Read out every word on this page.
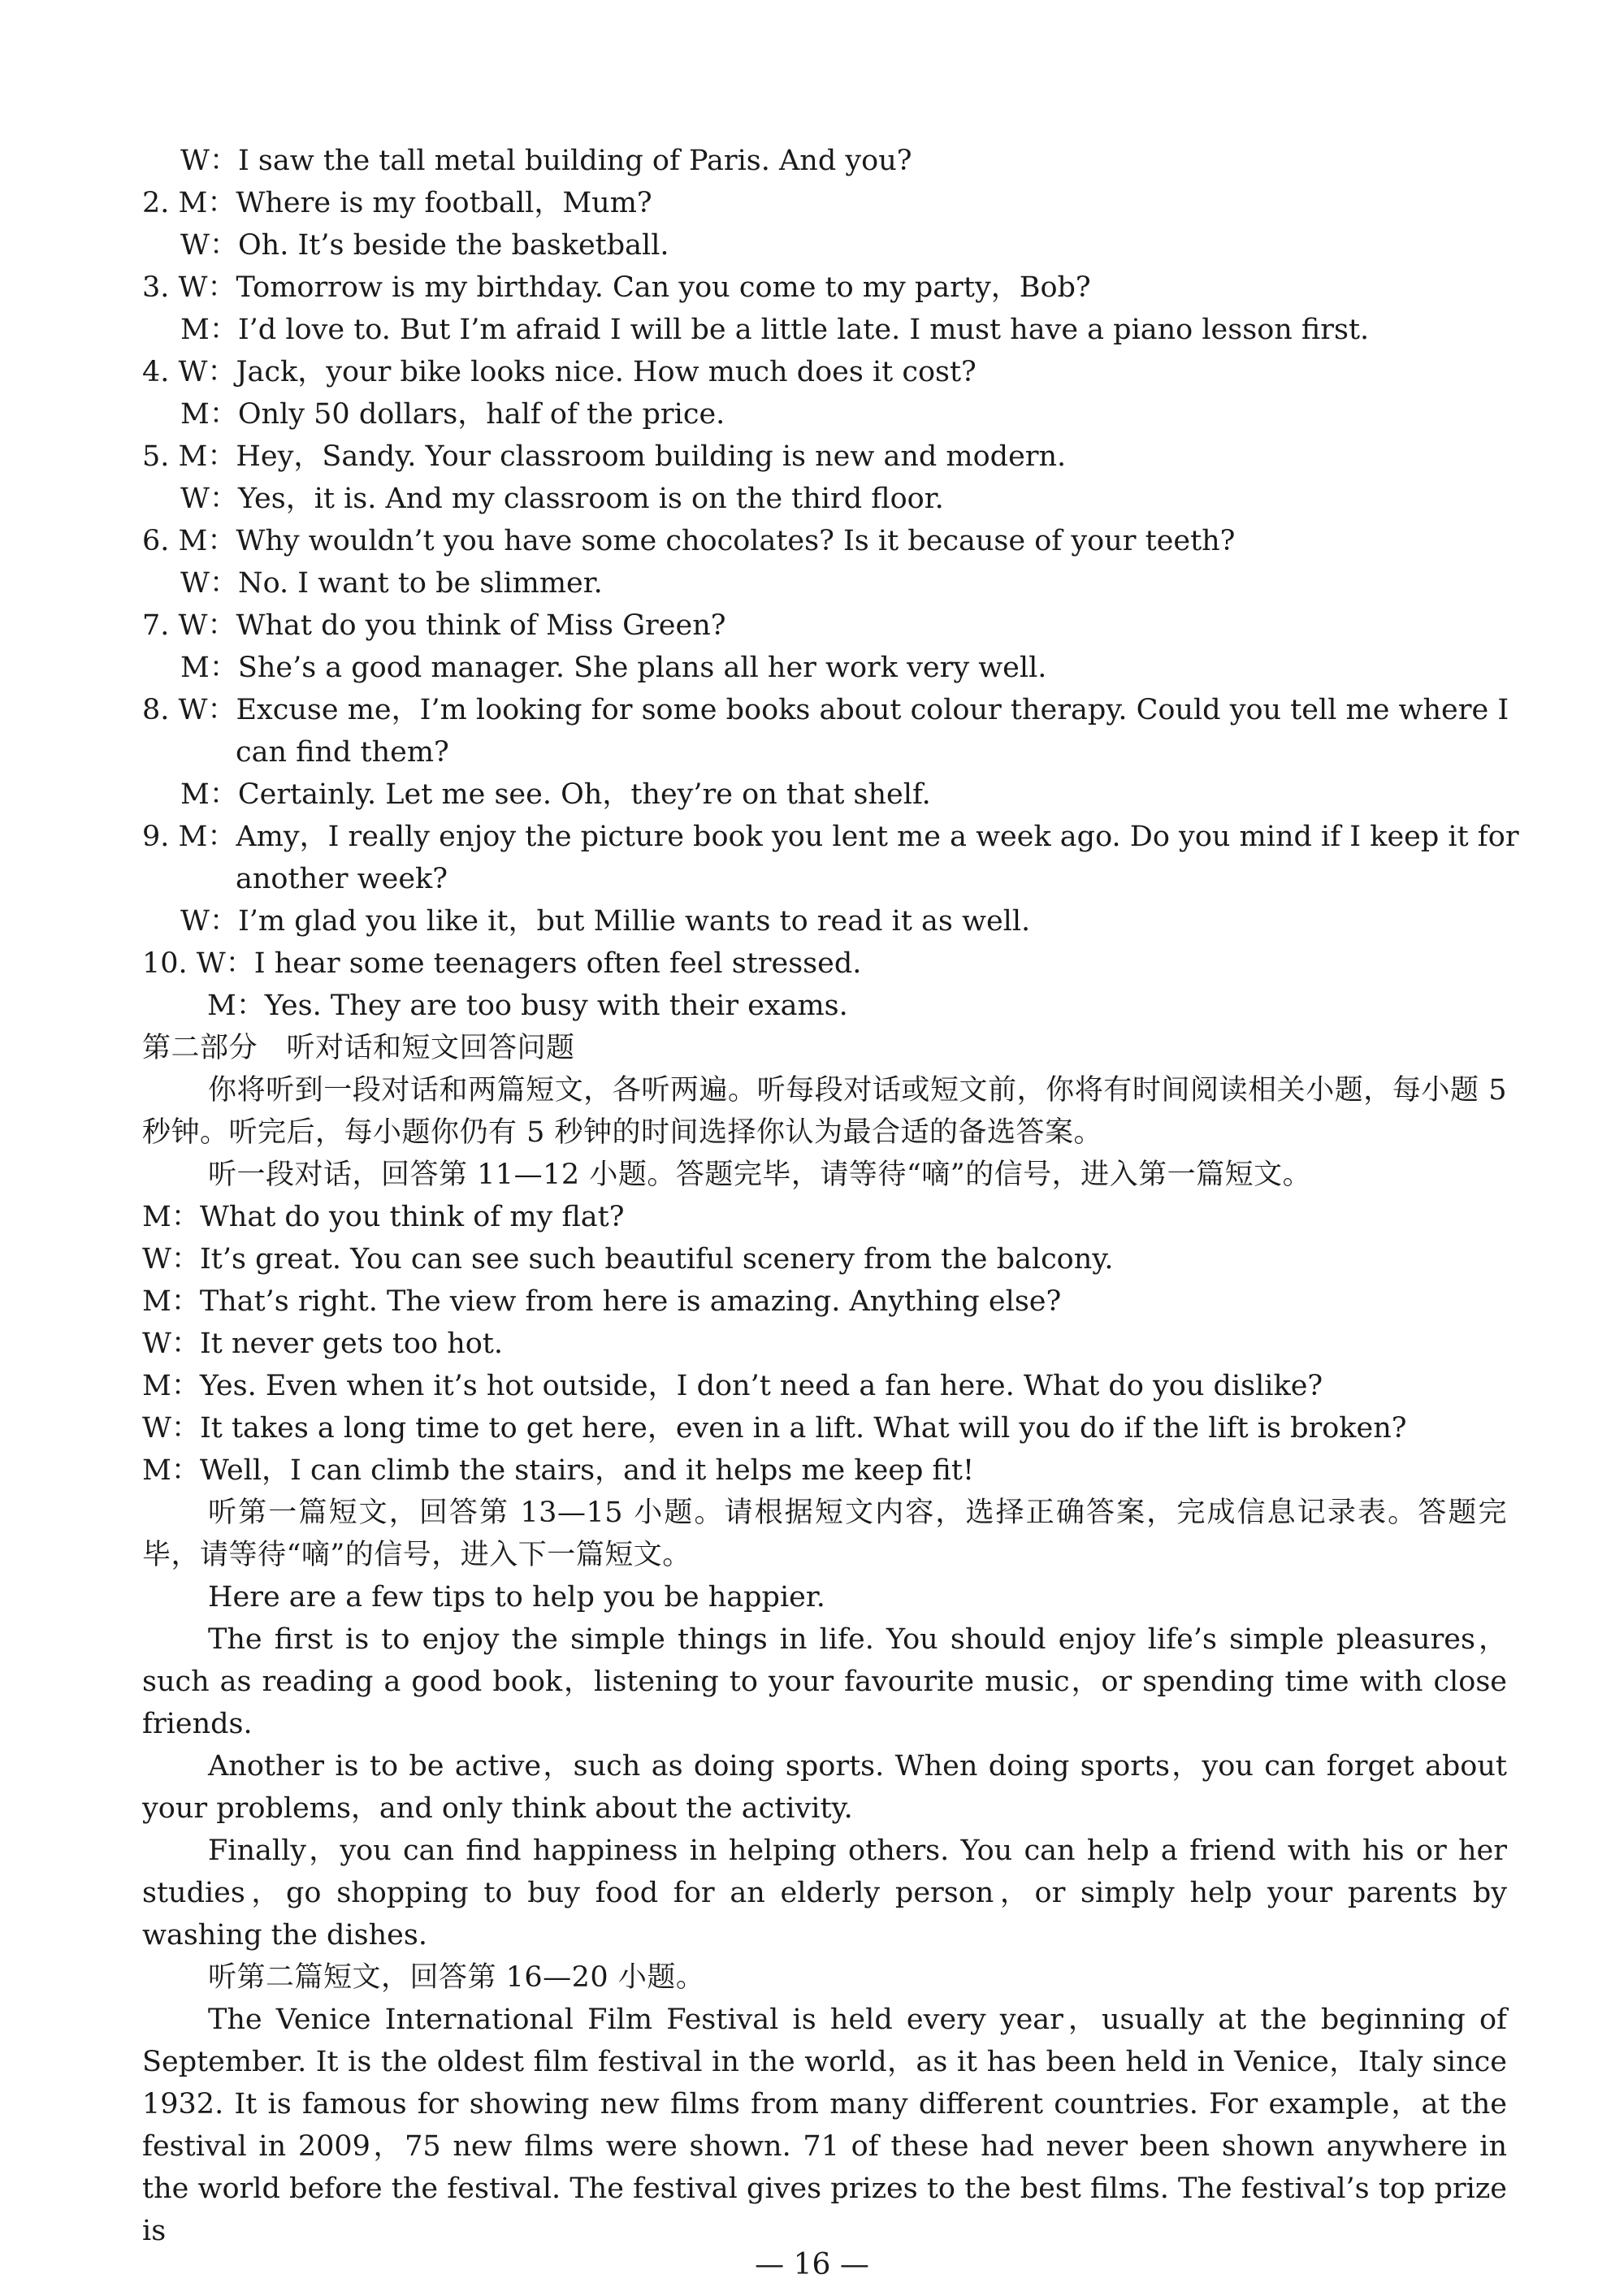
W：I saw the tall metal building of Paris. And you?
2. M：Where is my football，Mum?
W：Oh. It’s beside the basketball.
3. W：Tomorrow is my birthday. Can you come to my party，Bob?
M：I’d love to. But I’m afraid I will be a little late. I must have a piano lesson first.
4. W：Jack，your bike looks nice. How much does it cost?
M：Only 50 dollars，half of the price.
5. M：Hey，Sandy. Your classroom building is new and modern.
W：Yes，it is. And my classroom is on the third floor.
6. M：Why wouldn’t you have some chocolates? Is it because of your teeth?
W：No. I want to be slimmer.
7. W：What do you think of Miss Green?
M：She’s a good manager. She plans all her work very well.
8. W：Excuse me，I’m looking for some books about colour therapy. Could you tell me where I
can find them?
M：Certainly. Let me see. Oh，they’re on that shelf.
9. M：Amy，I really enjoy the picture book you lent me a week ago. Do you mind if I keep it for
another week?
W：I’m glad you like it，but Millie wants to read it as well.
10. W：I hear some teenagers often feel stressed.
M：Yes. They are too busy with their exams.
第二部分　听对话和短文回答问题
你将听到一段对话和两篇短文，各听两遍。听每段对话或短文前，你将有时间阅读相关小题，每小题 5 秒钟。听完后，每小题你仍有 5 秒钟的时间选择你认为最合适的备选答案。
听一段对话，回答第 11—12 小题。答题完毕，请等待“嘀”的信号，进入第一篇短文。
M：What do you think of my flat?
W：It’s great. You can see such beautiful scenery from the balcony.
M：That’s right. The view from here is amazing. Anything else?
W：It never gets too hot.
M：Yes. Even when it’s hot outside，I don’t need a fan here. What do you dislike?
W：It takes a long time to get here，even in a lift. What will you do if the lift is broken?
M：Well，I can climb the stairs，and it helps me keep fit!
听第一篇短文，回答第 13—15 小题。请根据短文内容，选择正确答案，完成信息记录表。答题完毕，请等待“嘀”的信号，进入下一篇短文。
Here are a few tips to help you be happier.
The first is to enjoy the simple things in life. You should enjoy life’s simple pleasures，such as reading a good book，listening to your favourite music，or spending time with close friends.
Another is to be active，such as doing sports. When doing sports，you can forget about your problems，and only think about the activity.
Finally，you can find happiness in helping others. You can help a friend with his or her studies，go shopping to buy food for an elderly person，or simply help your parents by washing the dishes.
听第二篇短文，回答第 16—20 小题。
The Venice International Film Festival is held every year，usually at the beginning of September. It is the oldest film festival in the world，as it has been held in Venice，Italy since 1932. It is famous for showing new films from many different countries. For example，at the festival in 2009，75 new films were shown. 71 of these had never been shown anywhere in the world before the festival. The festival gives prizes to the best films. The festival’s top prize is
— 16 —
